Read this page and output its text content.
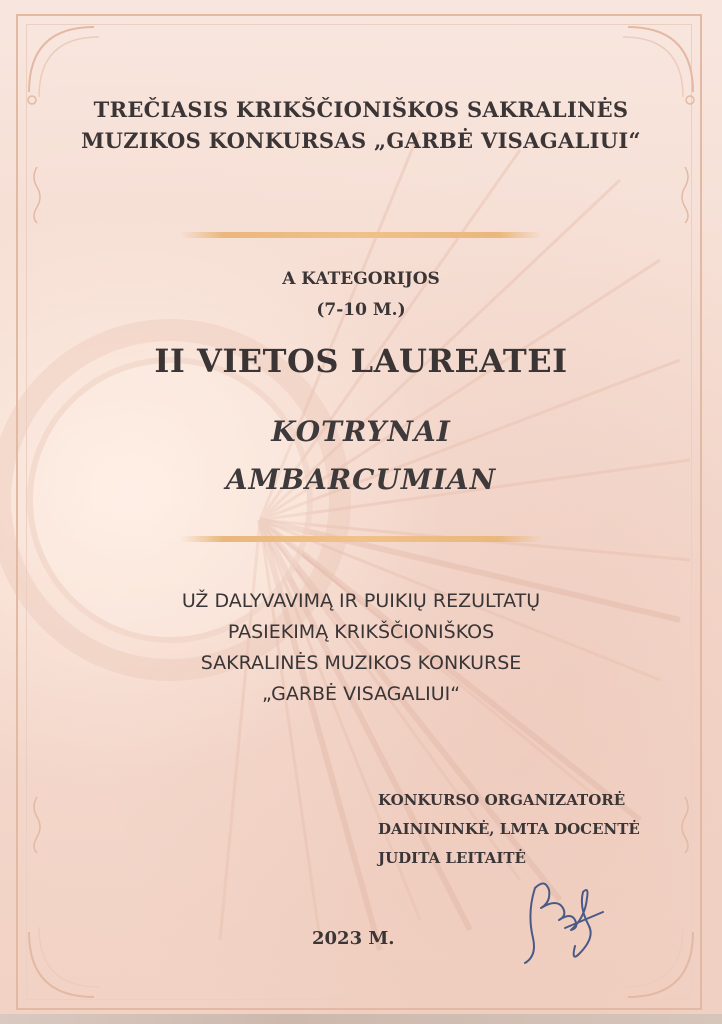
TREČIASIS KRIKŠČIONIŠKOS SAKRALINĖS
MUZIKOS KONKURSAS „GARBĖ VISAGALIUI“
A KATEGORIJOS
(7-10 M.)
II VIETOS LAUREATEI
KOTRYNAI
AMBARCUMIAN
UŽ DALYVAVIMĄ IR PUIKIŲ REZULTATŲ
PASIEKIMĄ KRIKŠČIONIŠKOS
SAKRALINĖS MUZIKOS KONKURSE
„GARBĖ VISAGALIUI“
KONKURSO ORGANIZATORĖ
DAINININKĖ, LMTA DOCENTĖ
JUDITA LEITAITĖ
2023 M.
